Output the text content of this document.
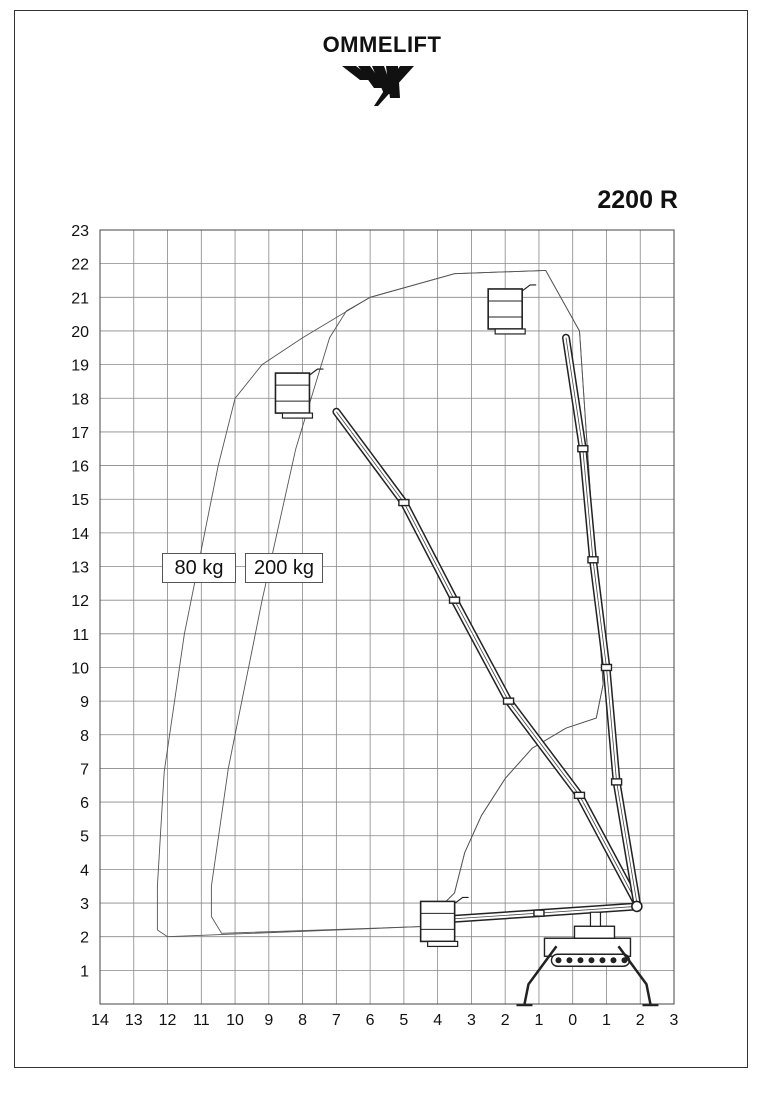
OMMELIFT
2200 R
14 13 12 11 10 9 8 7 6 5 4 3 2 1 0 1 2 3
1
2
3
4
5
6
7
8
9
10
11
12
13
14
15
16
17
18
19
20
21
22
23
80 kg	200 kg
